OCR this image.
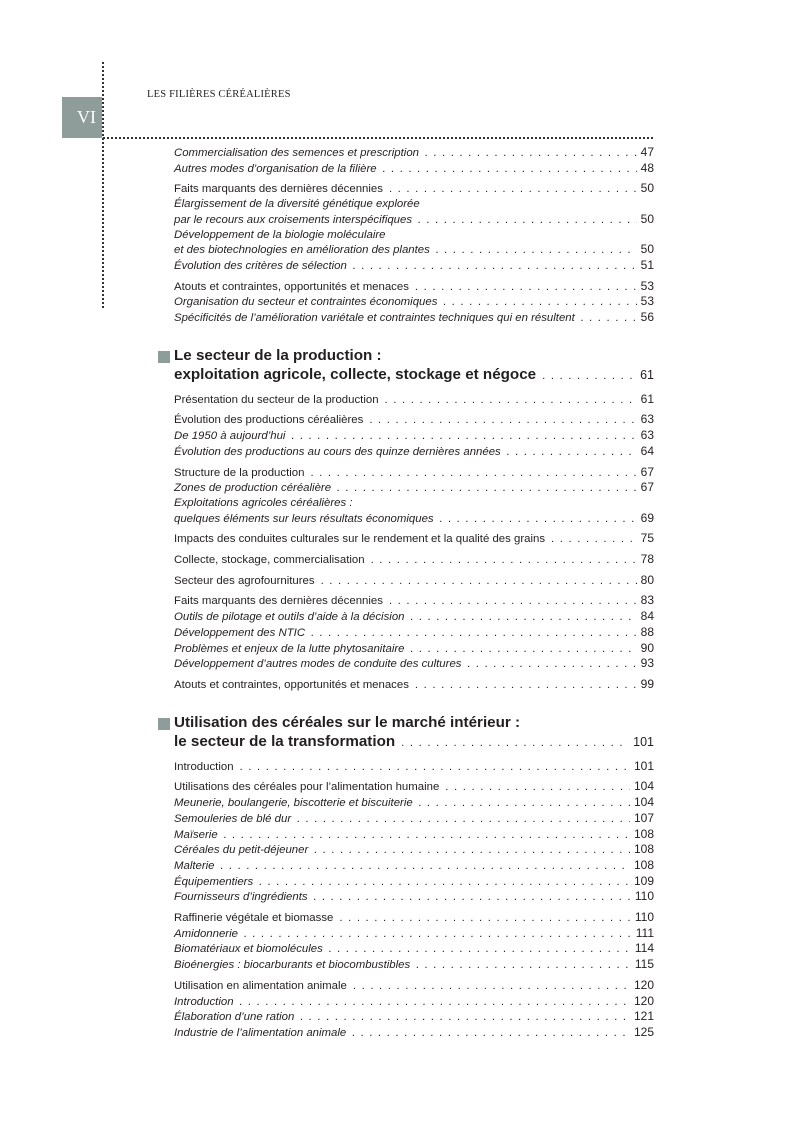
VI
LES FILIÈRES CÉRÉALIÈRES
Commercialisation des semences et prescription . . .	47
Autres modes d’organisation de la filière . . .	48
Faits marquants des dernières décennies . . .	50
Élargissement de la diversité génétique explorée
par le recours aux croisements interspécifiques . . .	50
Développement de la biologie moléculaire
et des biotechnologies en amélioration des plantes . . .	50
Évolution des critères de sélection . . .	51
Atouts et contraintes, opportunités et menaces . . .	53
Organisation du secteur et contraintes économiques . . .	53
Spécificités de l’amélioration variétale et contraintes techniques qui en résultent . . .	56
Le secteur de la production :
exploitation agricole, collecte, stockage et négoce . . .	61
Présentation du secteur de la production . . .	61
Évolution des productions céréalières . . .	63
De 1950 à aujourd’hui . . .	63
Évolution des productions au cours des quinze dernières années . . .	64
Structure de la production . . .	67
Zones de production céréalière . . .	67
Exploitations agricoles céréalières :
quelques éléments sur leurs résultats économiques . . .	69
Impacts des conduites culturales sur le rendement et la qualité des grains . . .	75
Collecte, stockage, commercialisation . . .	78
Secteur des agrofournitures . . .	80
Faits marquants des dernières décennies . . .	83
Outils de pilotage et outils d’aide à la décision . . .	84
Développement des NTIC . . .	88
Problèmes et enjeux de la lutte phytosanitaire . . .	90
Développement d’autres modes de conduite des cultures . . .	93
Atouts et contraintes, opportunités et menaces . . .	99
Utilisation des céréales sur le marché intérieur :
le secteur de la transformation . . .	101
Introduction . . .	101
Utilisations des céréales pour l’alimentation humaine . . .	104
Meunerie, boulangerie, biscotterie et biscuiterie . . .	104
Semouleries de blé dur . . .	107
Maïserie . . .	108
Céréales du petit-déjeuner . . .	108
Malterie . . .	108
Équipementiers . . .	109
Fournisseurs d’ingrédients . . .	110
Raffinerie végétale et biomasse . . .	110
Amidonnerie . . .	111
Biomatériaux et biomolécules . . .	114
Bioénergies : biocarburants et biocombustibles . . .	115
Utilisation en alimentation animale . . .	120
Introduction . . .	120
Élaboration d’une ration . . .	121
Industrie de l’alimentation animale . . .	125
